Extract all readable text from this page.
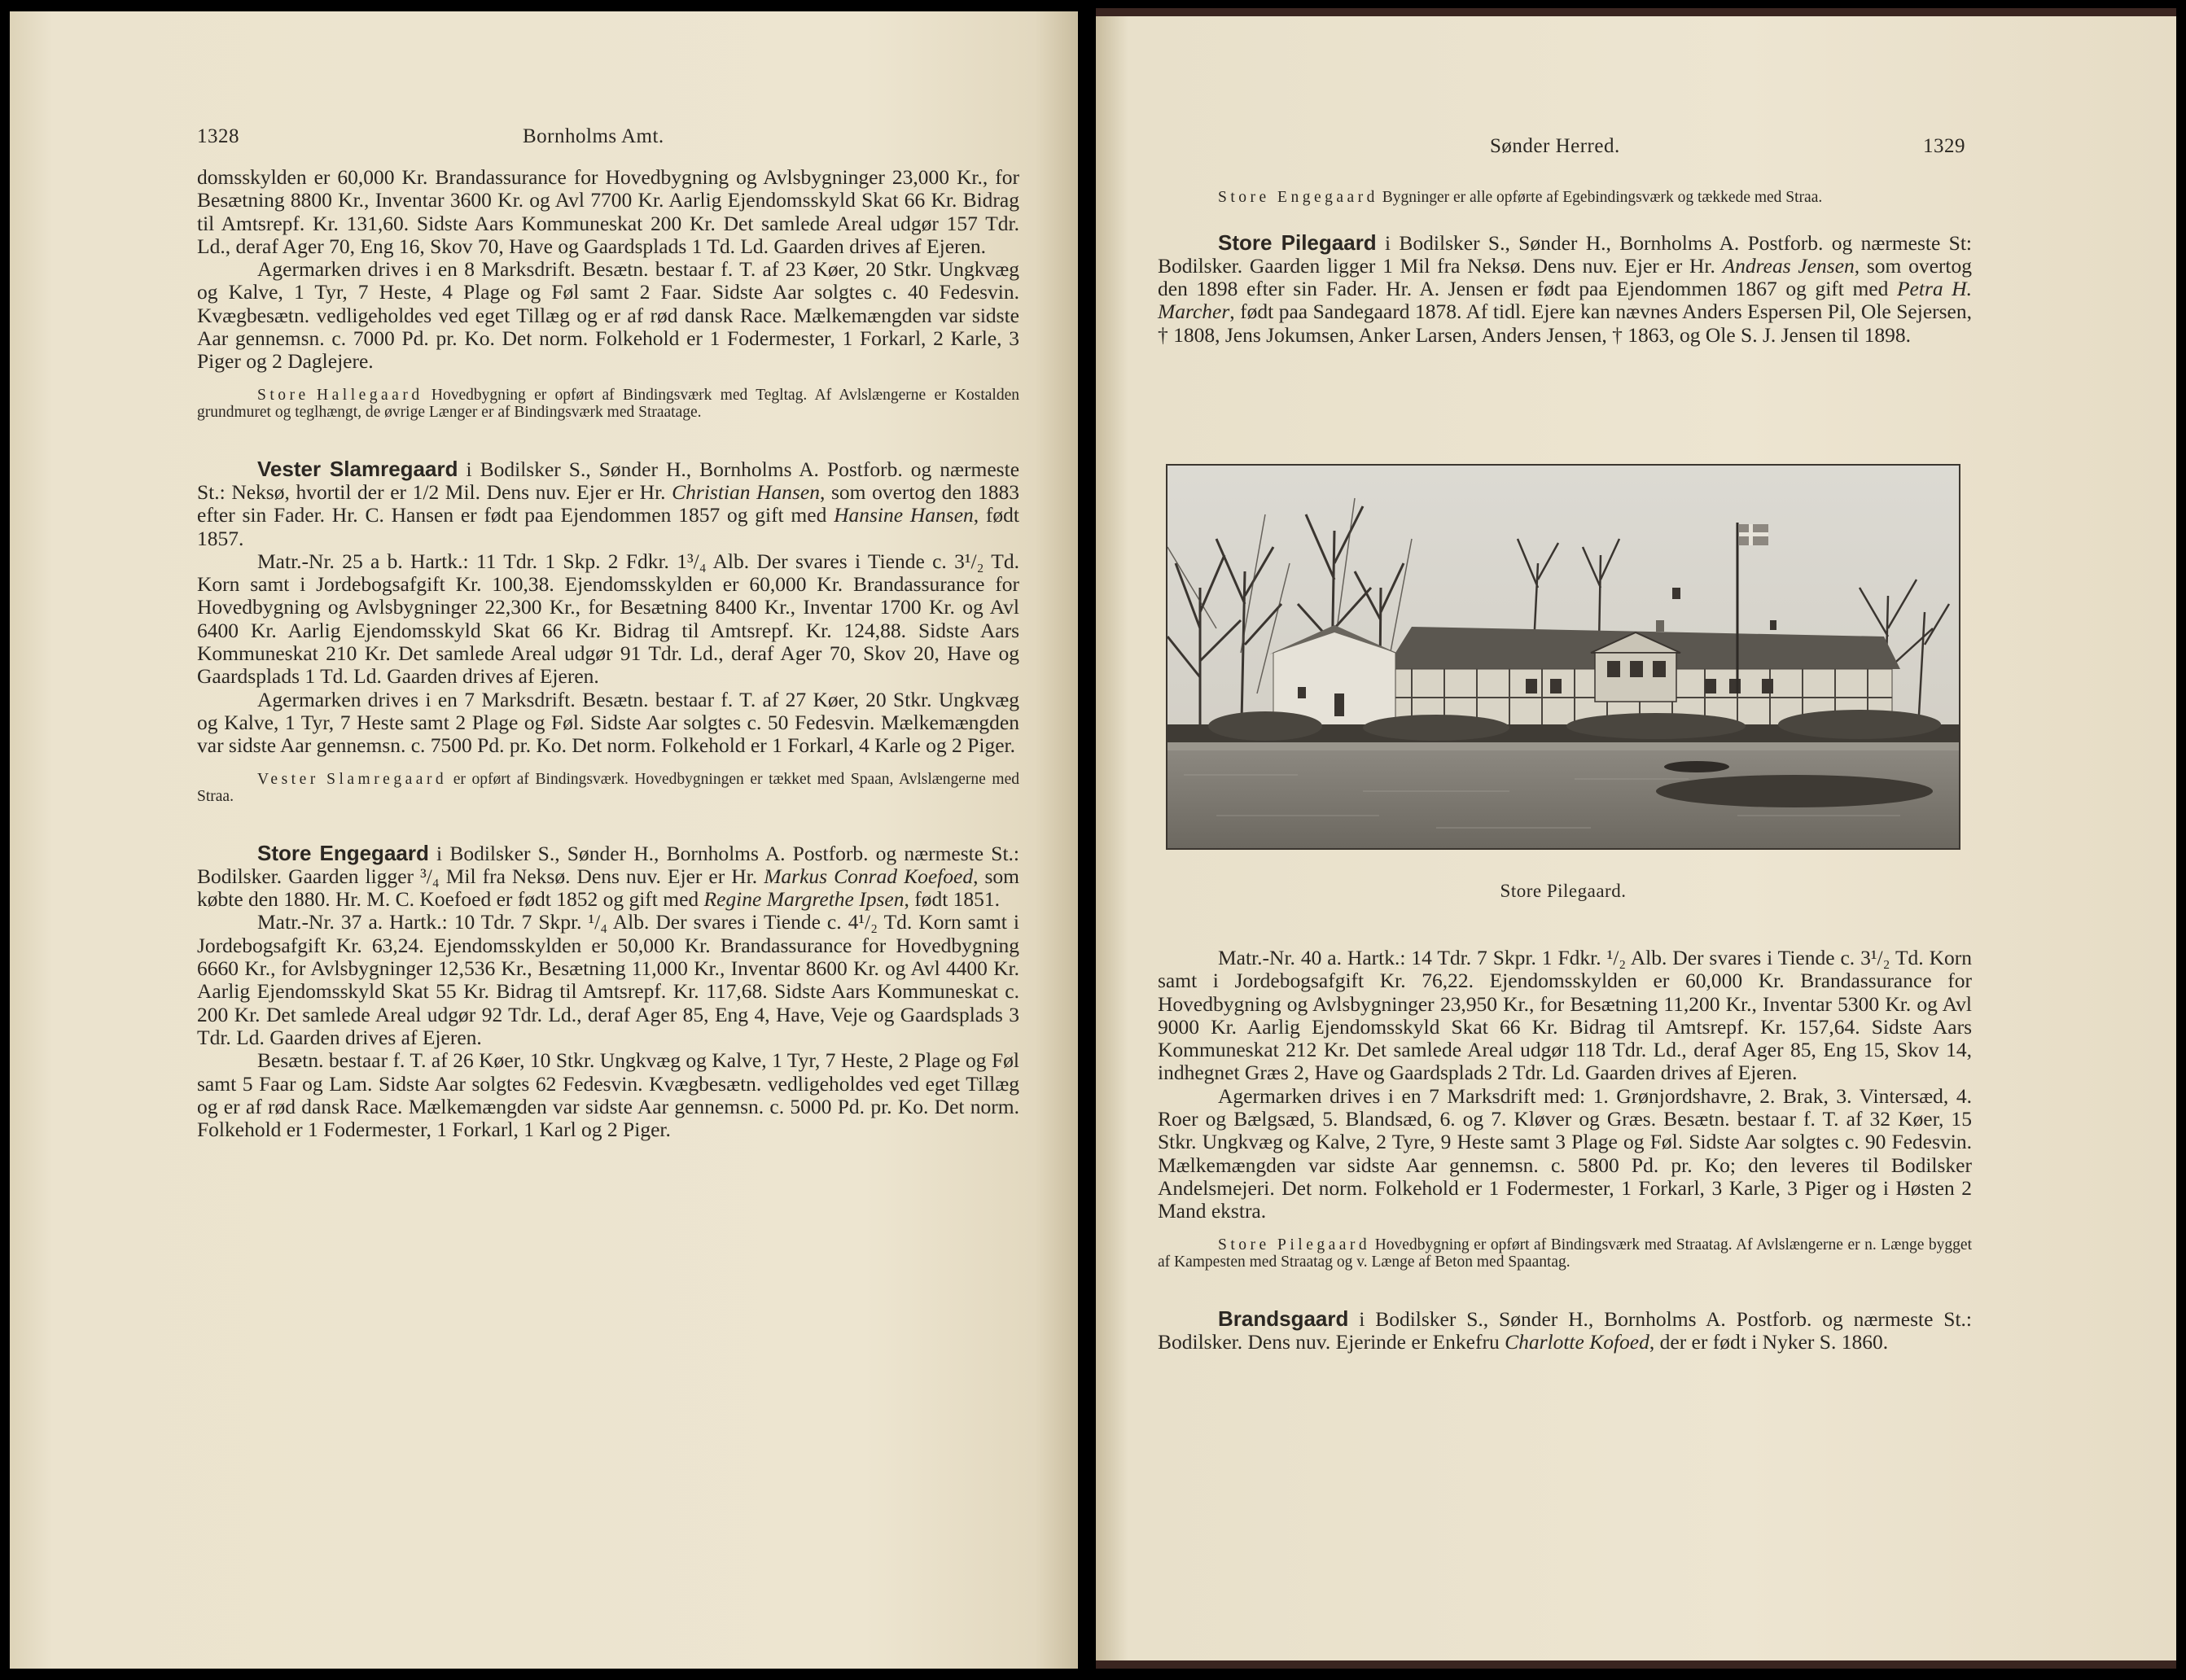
1328	Bornholms Amt.

domsskylden er 60,000 Kr. Brandassurance for Hovedbygning og Avlsbygninger 23,000 Kr., for Besætning 8800 Kr., Inventar 3600 Kr. og Avl 7700 Kr. Aarlig Ejendomsskyld Skat 66 Kr. Bidrag til Amtsrepf. Kr. 131,60. Sidste Aars Kommuneskat 200 Kr. Det samlede Areal udgør 157 Tdr. Ld., deraf Ager 70, Eng 16, Skov 70, Have og Gaardsplads 1 Td. Ld. Gaarden drives af Ejeren.

Agermarken drives i en 8 Marksdrift. Besætn. bestaar f. T. af 23 Køer, 20 Stkr. Ungkvæg og Kalve, 1 Tyr, 7 Heste, 4 Plage og Føl samt 2 Faar. Sidste Aar solgtes c. 40 Fedesvin. Kvægbesætn. vedligeholdes ved eget Tillæg og er af rød dansk Race. Mælkemængden var sidste Aar gennemsn. c. 7000 Pd. pr. Ko. Det norm. Folkehold er 1 Fodermester, 1 Forkarl, 2 Karle, 3 Piger og 2 Daglejere.

Store Hallegaard Hovedbygning er opført af Bindingsværk med Tegltag. Af Avlslængerne er Kostalden grundmuret og teglhængt, de øvrige Længer er af Bindingsværk med Straatage.

Vester Slamregaard i Bodilsker S., Sønder H., Bornholms A. Postforb. og nærmeste St.: Neksø, hvortil der er 1/2 Mil. Dens nuv. Ejer er Hr. Christian Hansen, som overtog den 1883 efter sin Fader. Hr. C. Hansen er født paa Ejendommen 1857 og gift med Hansine Hansen, født 1857.

Matr.-Nr. 25 a b. Hartk.: 11 Tdr. 1 Skp. 2 Fdkr. 1³/₄ Alb. Der svares i Tiende c. 3¹/₂ Td. Korn samt i Jordebogsafgift Kr. 100,38. Ejendomsskylden er 60,000 Kr. Brandassurance for Hovedbygning og Avlsbygninger 22,300 Kr., for Besætning 8400 Kr., Inventar 1700 Kr. og Avl 6400 Kr. Aarlig Ejendomsskyld Skat 66 Kr. Bidrag til Amtsrepf. Kr. 124,88. Sidste Aars Kommuneskat 210 Kr. Det samlede Areal udgør 91 Tdr. Ld., deraf Ager 70, Skov 20, Have og Gaardsplads 1 Td. Ld. Gaarden drives af Ejeren.

Agermarken drives i en 7 Marksdrift. Besætn. bestaar f. T. af 27 Køer, 20 Stkr. Ungkvæg og Kalve, 1 Tyr, 7 Heste samt 2 Plage og Føl. Sidste Aar solgtes c. 50 Fedesvin. Mælkemængden var sidste Aar gennemsn. c. 7500 Pd. pr. Ko. Det norm. Folkehold er 1 Forkarl, 4 Karle og 2 Piger.

Vester Slamregaard er opført af Bindingsværk. Hovedbygningen er tækket med Spaan, Avlslængerne med Straa.

Store Engegaard i Bodilsker S., Sønder H., Bornholms A. Postforb. og nærmeste St.: Bodilsker. Gaarden ligger ³/₄ Mil fra Neksø. Dens nuv. Ejer er Hr. Markus Conrad Koefoed, som købte den 1880. Hr. M. C. Koefoed er født 1852 og gift med Regine Margrethe Ipsen, født 1851.

Matr.-Nr. 37 a. Hartk.: 10 Tdr. 7 Skpr. ¹/₄ Alb. Der svares i Tiende c. 4¹/₂ Td. Korn samt i Jordebogsafgift Kr. 63,24. Ejendomsskylden er 50,000 Kr. Brandassurance for Hovedbygning 6660 Kr., for Avlsbygninger 12,536 Kr., Besætning 11,000 Kr., Inventar 8600 Kr. og Avl 4400 Kr. Aarlig Ejendomsskyld Skat 55 Kr. Bidrag til Amtsrepf. Kr. 117,68. Sidste Aars Kommuneskat c. 200 Kr. Det samlede Areal udgør 92 Tdr. Ld., deraf Ager 85, Eng 4, Have, Veje og Gaardsplads 3 Tdr. Ld. Gaarden drives af Ejeren.

Besætn. bestaar f. T. af 26 Køer, 10 Stkr. Ungkvæg og Kalve, 1 Tyr, 7 Heste, 2 Plage og Føl samt 5 Faar og Lam. Sidste Aar solgtes 62 Fedesvin. Kvægbesætn. vedligeholdes ved eget Tillæg og er af rød dansk Race. Mælkemængden var sidste Aar gennemsn. c. 5000 Pd. pr. Ko. Det norm. Folkehold er 1 Fodermester, 1 Forkarl, 1 Karl og 2 Piger.

Sønder Herred.	1329

Store Engegaard Bygninger er alle opførte af Egebindingsværk og tækkede med Straa.

Store Pilegaard i Bodilsker S., Sønder H., Bornholms A. Postforb. og nærmeste St: Bodilsker. Gaarden ligger 1 Mil fra Neksø. Dens nuv. Ejer er Hr. Andreas Jensen, som overtog den 1898 efter sin Fader. Hr. A. Jensen er født paa Ejendommen 1867 og gift med Petra H. Marcher, født paa Sandegaard 1878. Af tidl. Ejere kan nævnes Anders Espersen Pil, Ole Sejersen, † 1808, Jens Jokumsen, Anker Larsen, Anders Jensen, † 1863, og Ole S. J. Jensen til 1898.

Store Pilegaard.

Matr.-Nr. 40 a. Hartk.: 14 Tdr. 7 Skpr. 1 Fdkr. ¹/₂ Alb. Der svares i Tiende c. 3¹/₂ Td. Korn samt i Jordebogsafgift Kr. 76,22. Ejendomsskylden er 60,000 Kr. Brandassurance for Hovedbygning og Avlsbygninger 23,950 Kr., for Besætning 11,200 Kr., Inventar 5300 Kr. og Avl 9000 Kr. Aarlig Ejendomsskyld Skat 66 Kr. Bidrag til Amtsrepf. Kr. 157,64. Sidste Aars Kommuneskat 212 Kr. Det samlede Areal udgør 118 Tdr. Ld., deraf Ager 85, Eng 15, Skov 14, indhegnet Græs 2, Have og Gaardsplads 2 Tdr. Ld. Gaarden drives af Ejeren.

Agermarken drives i en 7 Marksdrift med: 1. Grønjordshavre, 2. Brak, 3. Vintersæd, 4. Roer og Bælgsæd, 5. Blandsæd, 6. og 7. Kløver og Græs. Besætn. bestaar f. T. af 32 Køer, 15 Stkr. Ungkvæg og Kalve, 2 Tyre, 9 Heste samt 3 Plage og Føl. Sidste Aar solgtes c. 90 Fedesvin. Mælkemængden var sidste Aar gennemsn. c. 5800 Pd. pr. Ko; den leveres til Bodilsker Andelsmejeri. Det norm. Folkehold er 1 Fodermester, 1 Forkarl, 3 Karle, 3 Piger og i Høsten 2 Mand ekstra.

Store Pilegaard Hovedbygning er opført af Bindingsværk med Straatag. Af Avlslængerne er n. Længe bygget af Kampesten med Straatag og v. Længe af Beton med Spaantag.

Brandsgaard i Bodilsker S., Sønder H., Bornholms A. Postforb. og nærmeste St.: Bodilsker. Dens nuv. Ejerinde er Enkefru Charlotte Kofoed, der er født i Nyker S. 1860.
